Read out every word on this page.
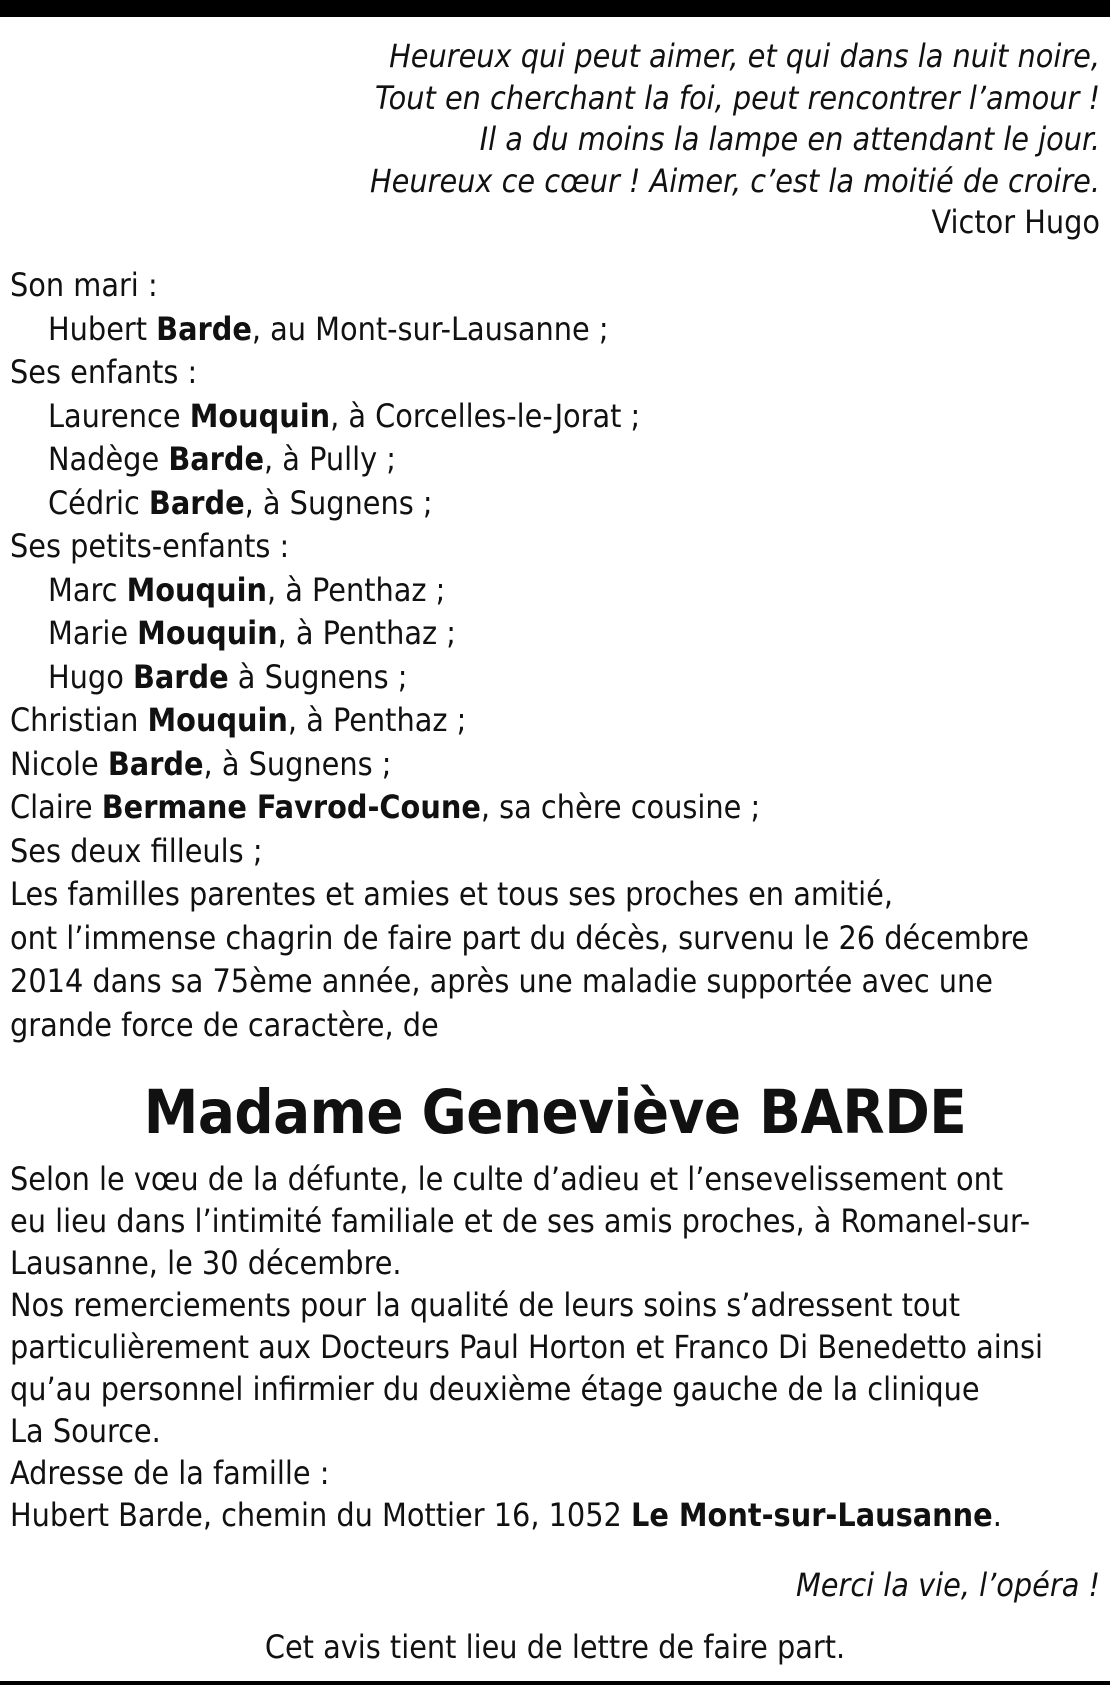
Heureux qui peut aimer, et qui dans la nuit noire,
Tout en cherchant la foi, peut rencontrer l’amour !
Il a du moins la lampe en attendant le jour.
Heureux ce cœur ! Aimer, c’est la moitié de croire.
Victor Hugo
Son mari :
Hubert Barde, au Mont-sur-Lausanne ;
Ses enfants :
Laurence Mouquin, à Corcelles-le-Jorat ;
Nadège Barde, à Pully ;
Cédric Barde, à Sugnens ;
Ses petits-enfants :
Marc Mouquin, à Penthaz ;
Marie Mouquin, à Penthaz ;
Hugo Barde à Sugnens ;
Christian Mouquin, à Penthaz ;
Nicole Barde, à Sugnens ;
Claire Bermane Favrod-Coune, sa chère cousine ;
Ses deux filleuls ;
Les familles parentes et amies et tous ses proches en amitié,
ont l’immense chagrin de faire part du décès, survenu le 26 décembre
2014 dans sa 75ème année, après une maladie supportée avec une
grande force de caractère, de
Madame Geneviève BARDE
Selon le vœu de la défunte, le culte d’adieu et l’ensevelissement ont
eu lieu dans l’intimité familiale et de ses amis proches, à Romanel-sur-
Lausanne, le 30 décembre.
Nos remerciements pour la qualité de leurs soins s’adressent tout
particulièrement aux Docteurs Paul Horton et Franco Di Benedetto ainsi
qu’au personnel infirmier du deuxième étage gauche de la clinique
La Source.
Adresse de la famille :
Hubert Barde, chemin du Mottier 16, 1052 Le Mont-sur-Lausanne.
Merci la vie, l’opéra !
Cet avis tient lieu de lettre de faire part.
